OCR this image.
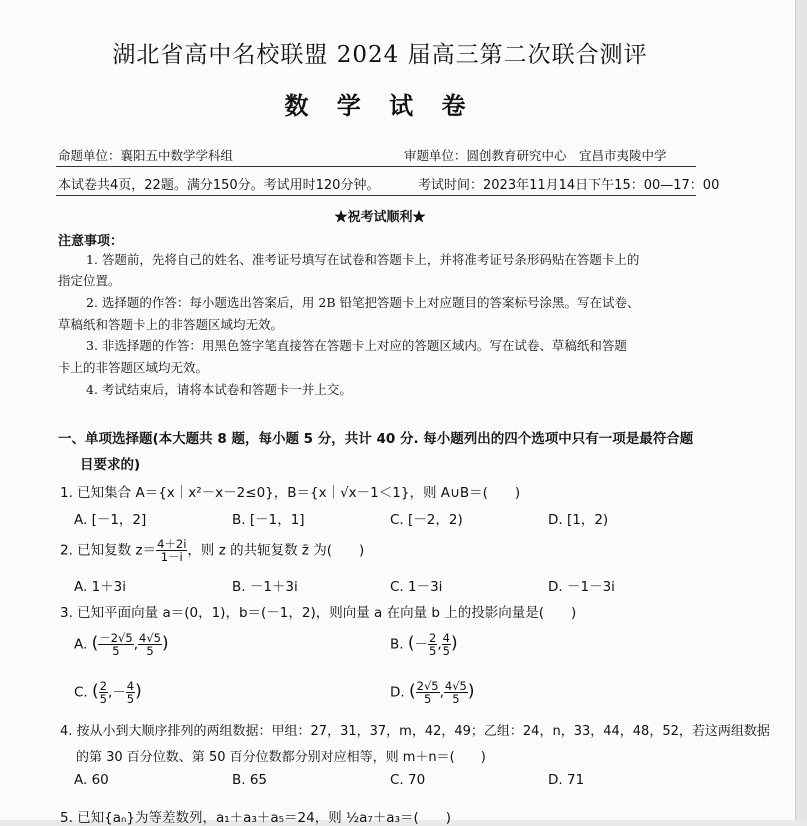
湖北省高中名校联盟 2024 届高三第二次联合测评
数 学 试 卷
命题单位：襄阳五中数学学科组	审题单位：圆创教育研究中心　宜昌市夷陵中学
本试卷共4页，22题。满分150分。考试用时120分钟。	考试时间：2023年11月14日下午15：00—17：00
★祝考试顺利★
注意事项：
1. 答题前，先将自己的姓名、准考证号填写在试卷和答题卡上，并将准考证号条形码贴在答题卡上的
指定位置。
2. 选择题的作答：每小题选出答案后，用 2B 铅笔把答题卡上对应题目的答案标号涂黑。写在试卷、
草稿纸和答题卡上的非答题区域均无效。
3. 非选择题的作答：用黑色签字笔直接答在答题卡上对应的答题区域内。写在试卷、草稿纸和答题
卡上的非答题区域均无效。
4. 考试结束后，请将本试卷和答题卡一并上交。
一、单项选择题(本大题共 8 题，每小题 5 分，共计 40 分. 每小题列出的四个选项中只有一项是最符合题
目要求的)
1. 已知集合 A＝{x｜x²－x－2≤0}，B＝{x｜√x－1＜1}，则 A∪B＝(　　)
A. [－1，2]	B. [－1，1]	C. [－2，2)	D. [1，2)
2. 已知复数 $z= \frac{4+2i}{1-i}$ ，则 z 的共轭复数 z̄ 为(　　)
A. 1＋3i	B. －1＋3i	C. 1－3i	D. －1－3i
3. 已知平面向量 a＝(0，1)，b＝(－1，2)，则向量 a 在向量 b 上的投影向量是(　　)
A. ( $\frac{-2√5}{5}$ , $\frac{4√5}{5}$ )	B. (－ $\frac{2}{5}$ , $\frac{4}{5}$ )
C. ( $\frac{2}{5}$ ,－ $\frac{4}{5}$ )	D. ( $\frac{2√5}{5}$ , $\frac{4√5}{5}$ )
4. 按从小到大顺序排列的两组数据：甲组：27，31，37，m，42，49；乙组：24，n，33，44，48，52，若这两组数据
的第 30 百分位数、第 50 百分位数都分别对应相等，则 m＋n＝(　　)
A. 60	B. 65	C. 70	D. 71
5. 已知{aₙ}为等差数列，a₁＋a₃＋a₅＝24，则 ½a₇＋a₃＝(　　)
